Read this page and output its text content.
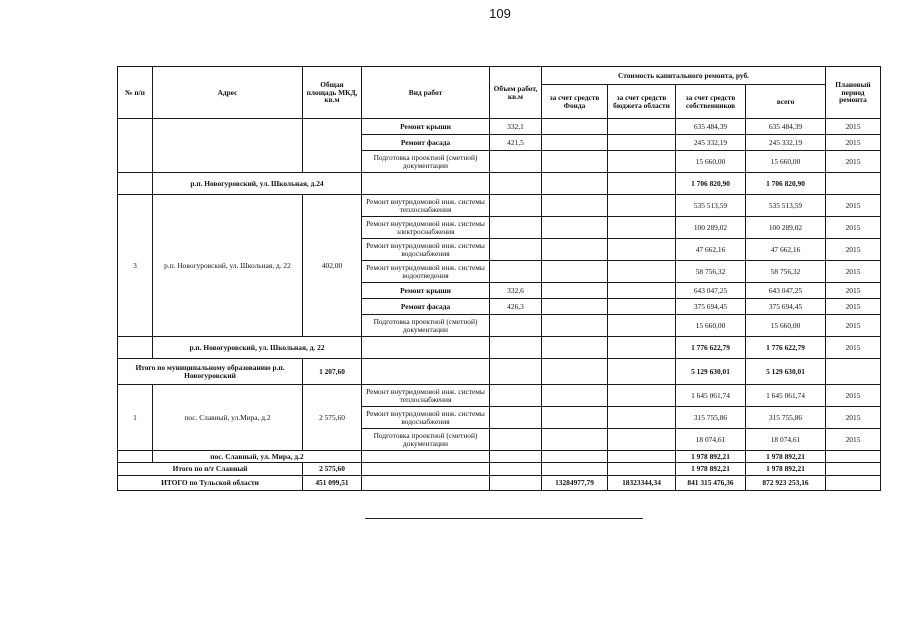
109
№ п/п	Адрес	Общая площадь МКД, кв.м	Вид работ	Объем работ, кв.м	Стоимость капитального ремонта, руб.				Плановый период ремонта
					за счет средств Фонда	за счет средств бюджета области	за счет средств собственников	всего	
			Ремонт крыши	332,1			635 484,39	635 484,39	2015
			Ремонт фасада	421,5			245 332,19	245 332,19	2015
			Подготовка проектной (сметной) документации				15 660,00	15 660,00	2015
	р.п. Новогуровский, ул. Школьная, д.24						1 706 820,90	1 706 820,90	
3	р.п. Новогуровский, ул. Школьная, д. 22	402,00	Ремонт внутридомовой инж. системы теплоснабжения				535 513,59	535 513,59	2015
			Ремонт внутридомовой инж. системы электроснабжения				100 289,02	100 289,02	2015
			Ремонт внутридомовой инж. системы водоснабжения				47 662,16	47 662,16	2015
			Ремонт внутридомовой инж. системы водоотведения				58 756,32	58 756,32	2015
			Ремонт крыши	332,6			643 047,25	643 047,25	2015
			Ремонт фасада	426,3			375 694,45	375 694,45	2015
			Подготовка проектной (сметной) документации				15 660,00	15 660,00	2015
	р.п. Новогуровский, ул. Школьная, д. 22						1 776 622,79	1 776 622,79	2015
Итого по муниципальному образованию р.п. Новогуровский		1 207,60					5 129 630,01	5 129 630,01	
1	пос. Славный, ул.Мира, д.2	2 575,60	Ремонт внутридомовой инж. системы теплоснабжения				1 645 061,74	1 645 061,74	2015
			Ремонт внутридомовой инж. системы водоснабжения				315 755,86	315 755,86	2015
			Подготовка проектной (сметной) документации				18 074,61	18 074,61	2015
	пос. Славный, ул. Мира, д.2						1 978 892,21	1 978 892,21	
Итого по п/т Славный		2 575,60					1 978 892,21	1 978 892,21	
ИТОГО по Тульской области		451 099,51			13284977,79	18323344,34	841 315 476,36	872 923 253,16	
